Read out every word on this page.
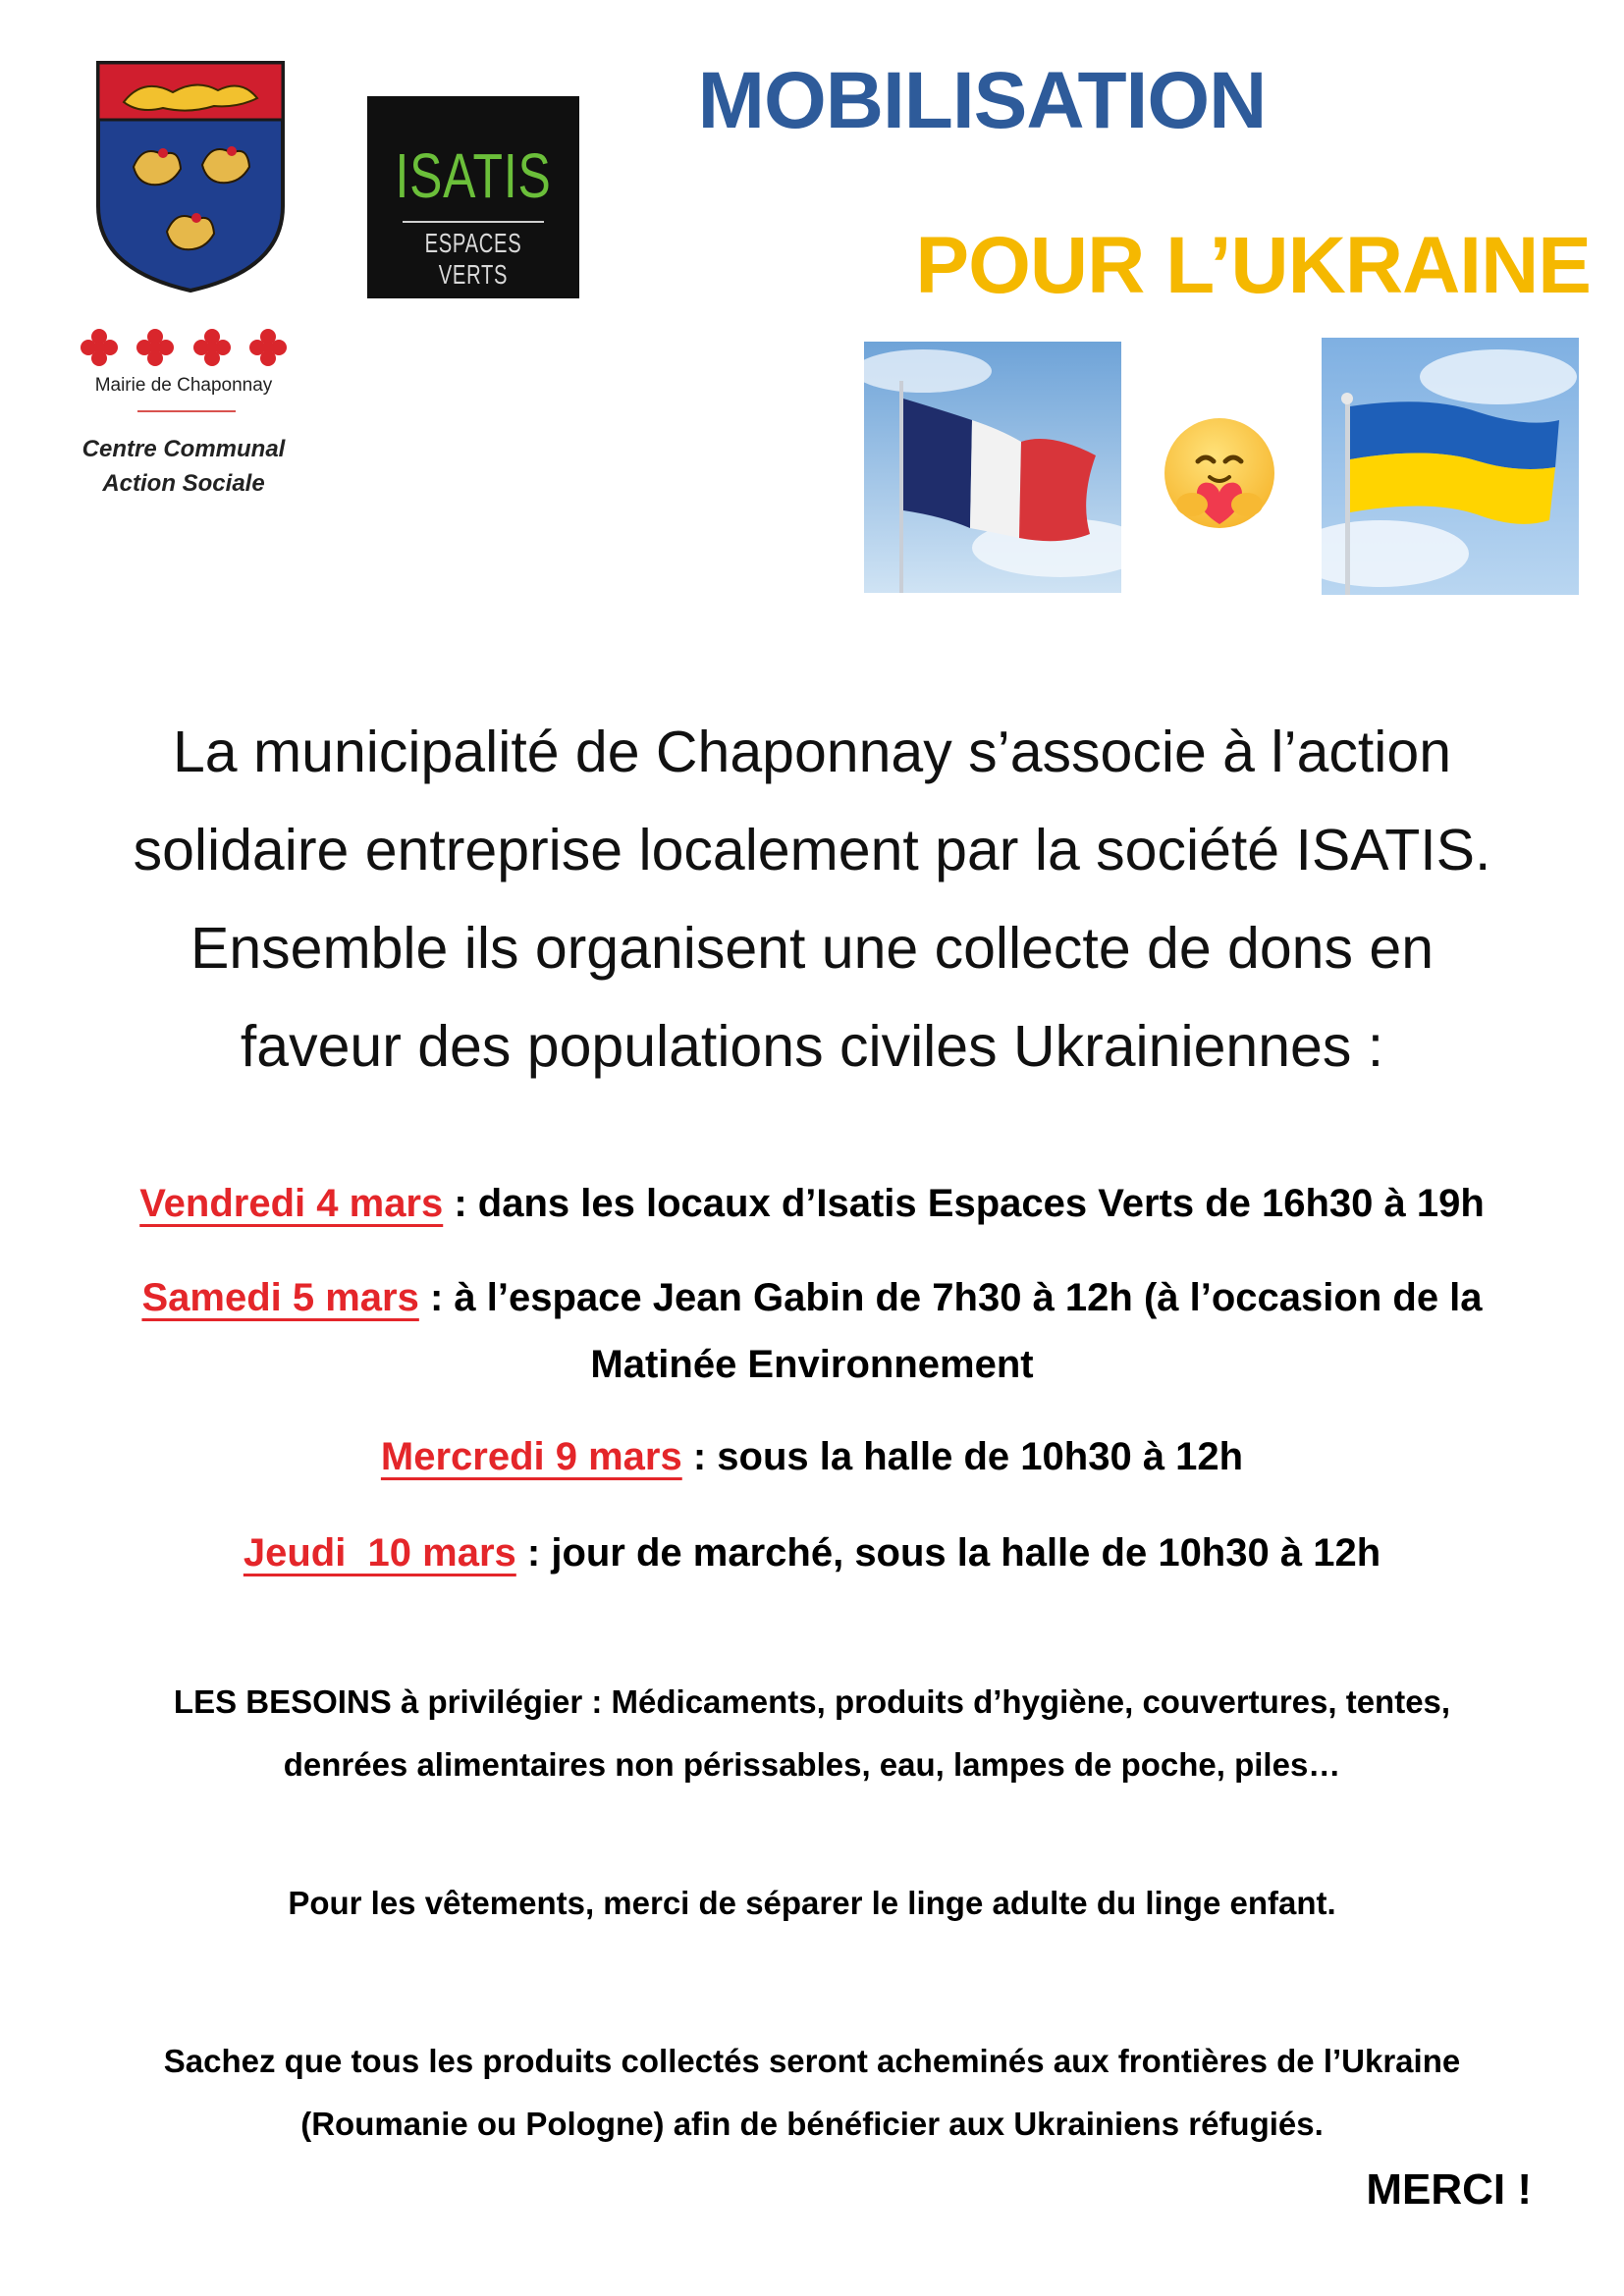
Mairie de Chaponnay
Centre Communal
Action Sociale
ISATIS
ESPACES VERTS
MOBILISATION
POUR L’UKRAINE
La municipalité de Chaponnay s’associe à l’action
solidaire entreprise localement par la société ISATIS.
Ensemble ils organisent une collecte de dons en
faveur des populations civiles Ukrainiennes :
Vendredi 4 mars : dans les locaux d’Isatis Espaces Verts de 16h30 à 19h
Samedi 5 mars : à l’espace Jean Gabin de 7h30 à 12h (à l’occasion de la
Matinée Environnement
Mercredi 9 mars : sous la halle de 10h30 à 12h
Jeudi  10 mars : jour de marché, sous la halle de 10h30 à 12h
LES BESOINS à privilégier : Médicaments, produits d’hygiène, couvertures, tentes,
denrées alimentaires non périssables, eau, lampes de poche, piles…
Pour les vêtements, merci de séparer le linge adulte du linge enfant.
Sachez que tous les produits collectés seront acheminés aux frontières de l’Ukraine
(Roumanie ou Pologne) afin de bénéficier aux Ukrainiens réfugiés.
MERCI !
